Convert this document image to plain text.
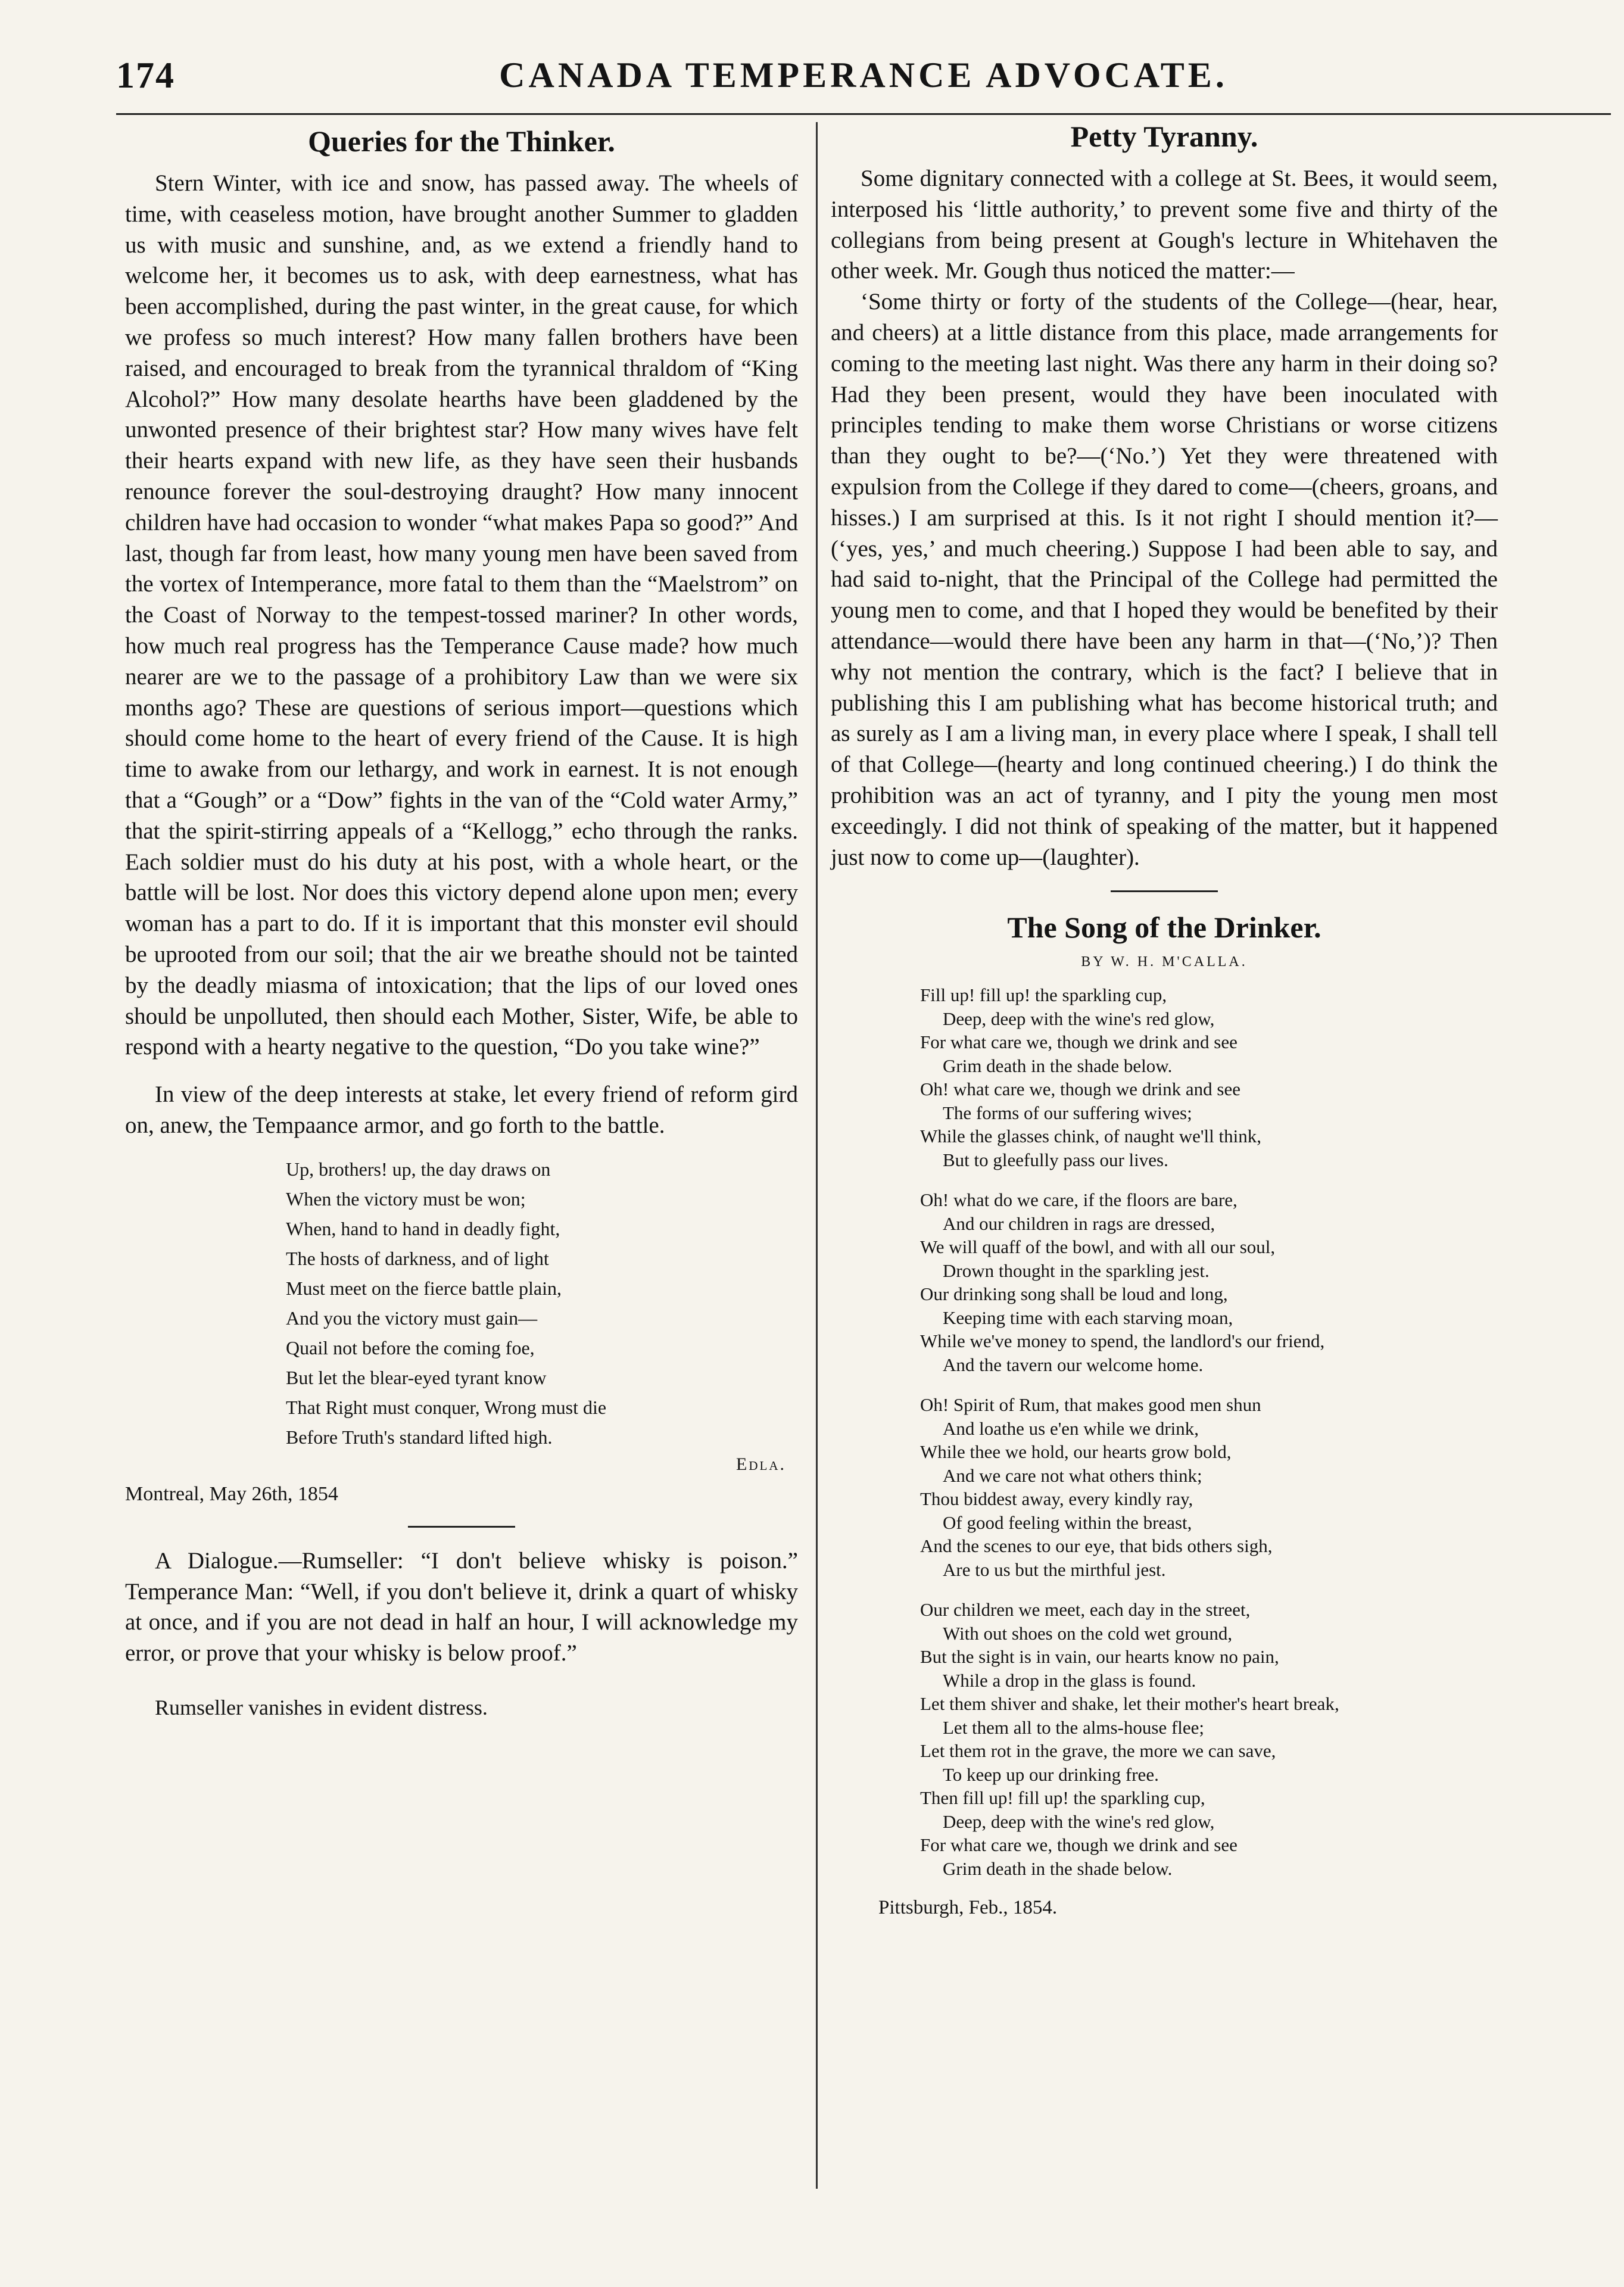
174	CANADA TEMPERANCE ADVOCATE.
Queries for the Thinker.

Stern Winter, with ice and snow, has passed away. The wheels of time, with ceaseless motion, have brought another Summer to gladden us with music and sunshine, and, as we extend a friendly hand to welcome her, it becomes us to ask, with deep earnestness, what has been accomplished, during the past winter, in the great cause, for which we profess so much interest? How many fallen brothers have been raised, and encouraged to break from the tyrannical thraldom of “King Alcohol?” How many desolate hearths have been gladdened by the unwonted presence of their brightest star? How many wives have felt their hearts expand with new life, as they have seen their husbands renounce forever the soul-destroying draught? How many innocent children have had occasion to wonder “what makes Papa so good?” And last, though far from least, how many young men have been saved from the vortex of Intemperance, more fatal to them than the “Maelstrom” on the Coast of Norway to the tempest-tossed mariner? In other words, how much real progress has the Temperance Cause made? how much nearer are we to the passage of a prohibitory Law than we were six months ago? These are questions of serious import—questions which should come home to the heart of every friend of the Cause. It is high time to awake from our lethargy, and work in earnest. It is not enough that a “Gough” or a “Dow” fights in the van of the “Cold water Army,” that the spirit-stirring appeals of a “Kellogg,” echo through the ranks. Each soldier must do his duty at his post, with a whole heart, or the battle will be lost. Nor does this victory depend alone upon men; every woman has a part to do. If it is important that this monster evil should be uprooted from our soil; that the air we breathe should not be tainted by the deadly miasma of intoxication; that the lips of our loved ones should be unpolluted, then should each Mother, Sister, Wife, be able to respond with a hearty negative to the question, “Do you take wine?”

In view of the deep interests at stake, let every friend of reform gird on, anew, the Tempaance armor, and go forth to the battle.

Up, brothers! up, the day draws on
When the victory must be won;
When, hand to hand in deadly fight,
The hosts of darkness, and of light
Must meet on the fierce battle plain,
And you the victory must gain—
Quail not before the coming foe,
But let the blear-eyed tyrant know
That Right must conquer, Wrong must die
Before Truth's standard lifted high.
Edla.
Montreal, May 26th, 1854

A Dialogue.—Rumseller: “I don't believe whisky is poison.” Temperance Man: “Well, if you don't believe it, drink a quart of whisky at once, and if you are not dead in half an hour, I will acknowledge my error, or prove that your whisky is below proof.”

Rumseller vanishes in evident distress.

Petty Tyranny.

Some dignitary connected with a college at St. Bees, it would seem, interposed his ‘little authority,’ to prevent some five and thirty of the collegians from being present at Gough's lecture in Whitehaven the other week. Mr. Gough thus noticed the matter:—

‘Some thirty or forty of the students of the College—(hear, hear, and cheers) at a little distance from this place, made arrangements for coming to the meeting last night. Was there any harm in their doing so? Had they been present, would they have been inoculated with principles tending to make them worse Christians or worse citizens than they ought to be?—(‘No.’) Yet they were threatened with expulsion from the College if they dared to come—(cheers, groans, and hisses.) I am surprised at this. Is it not right I should mention it?—(‘yes, yes,’ and much cheering.) Suppose I had been able to say, and had said to-night, that the Principal of the College had permitted the young men to come, and that I hoped they would be benefited by their attendance—would there have been any harm in that—(‘No,’)? Then why not mention the contrary, which is the fact? I believe that in publishing this I am publishing what has become historical truth; and as surely as I am a living man, in every place where I speak, I shall tell of that College—(hearty and long continued cheering.) I do think the prohibition was an act of tyranny, and I pity the young men most exceedingly. I did not think of speaking of the matter, but it happened just now to come up—(laughter).

The Song of the Drinker.
BY W. H. M'CALLA.
Fill up! fill up! the sparkling cup,
Deep, deep with the wine's red glow,
For what care we, though we drink and see
Grim death in the shade below.
Oh! what care we, though we drink and see
The forms of our suffering wives;
While the glasses chink, of naught we'll think,
But to gleefully pass our lives.
Oh! what do we care, if the floors are bare,
And our children in rags are dressed,
We will quaff of the bowl, and with all our soul,
Drown thought in the sparkling jest.
Our drinking song shall be loud and long,
Keeping time with each starving moan,
While we've money to spend, the landlord's our friend,
And the tavern our welcome home.
Oh! Spirit of Rum, that makes good men shun
And loathe us e'en while we drink,
While thee we hold, our hearts grow bold,
And we care not what others think;
Thou biddest away, every kindly ray,
Of good feeling within the breast,
And the scenes to our eye, that bids others sigh,
Are to us but the mirthful jest.
Our children we meet, each day in the street,
With out shoes on the cold wet ground,
But the sight is in vain, our hearts know no pain,
While a drop in the glass is found.
Let them shiver and shake, let their mother's heart break,
Let them all to the alms-house flee;
Let them rot in the grave, the more we can save,
To keep up our drinking free.
Then fill up! fill up! the sparkling cup,
Deep, deep with the wine's red glow,
For what care we, though we drink and see
Grim death in the shade below.
Pittsburgh, Feb., 1854.
